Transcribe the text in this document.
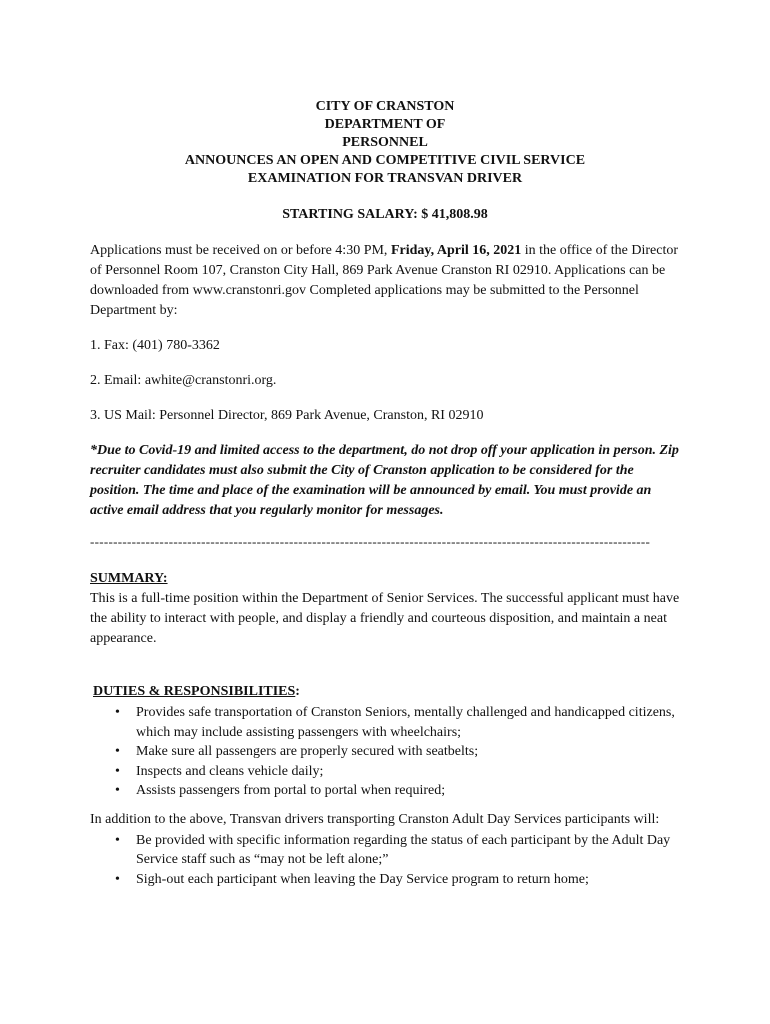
CITY OF CRANSTON
DEPARTMENT OF
PERSONNEL
ANNOUNCES AN OPEN AND COMPETITIVE CIVIL SERVICE
EXAMINATION FOR TRANSVAN DRIVER
STARTING SALARY: $ 41,808.98

Applications must be received on or before 4:30 PM, Friday, April 16, 2021 in the office of the Director of Personnel Room 107, Cranston City Hall, 869 Park Avenue Cranston RI 02910. Applications can be downloaded from www.cranstonri.gov Completed applications may be submitted to the Personnel Department by:

1. Fax: (401) 780-3362

2. Email: awhite@cranstonri.org.

3. US Mail: Personnel Director, 869 Park Avenue, Cranston, RI 02910

*Due to Covid-19 and limited access to the department, do not drop off your application in person. Zip recruiter candidates must also submit the City of Cranston application to be considered for the position. The time and place of the examination will be announced by email. You must provide an active email address that you regularly monitor for messages.

-------------------------------------------------------------------------------------------------------------------------

SUMMARY:

This is a full-time position within the Department of Senior Services. The successful applicant must have the ability to interact with people, and display a friendly and courteous disposition, and maintain a neat appearance.

DUTIES & RESPONSIBILITIES:

• Provides safe transportation of Cranston Seniors, mentally challenged and handicapped citizens, which may include assisting passengers with wheelchairs;
• Make sure all passengers are properly secured with seatbelts;
• Inspects and cleans vehicle daily;
• Assists passengers from portal to portal when required;

In addition to the above, Transvan drivers transporting Cranston Adult Day Services participants will:

• Be provided with specific information regarding the status of each participant by the Adult Day Service staff such as “may not be left alone;”
• Sigh-out each participant when leaving the Day Service program to return home;
